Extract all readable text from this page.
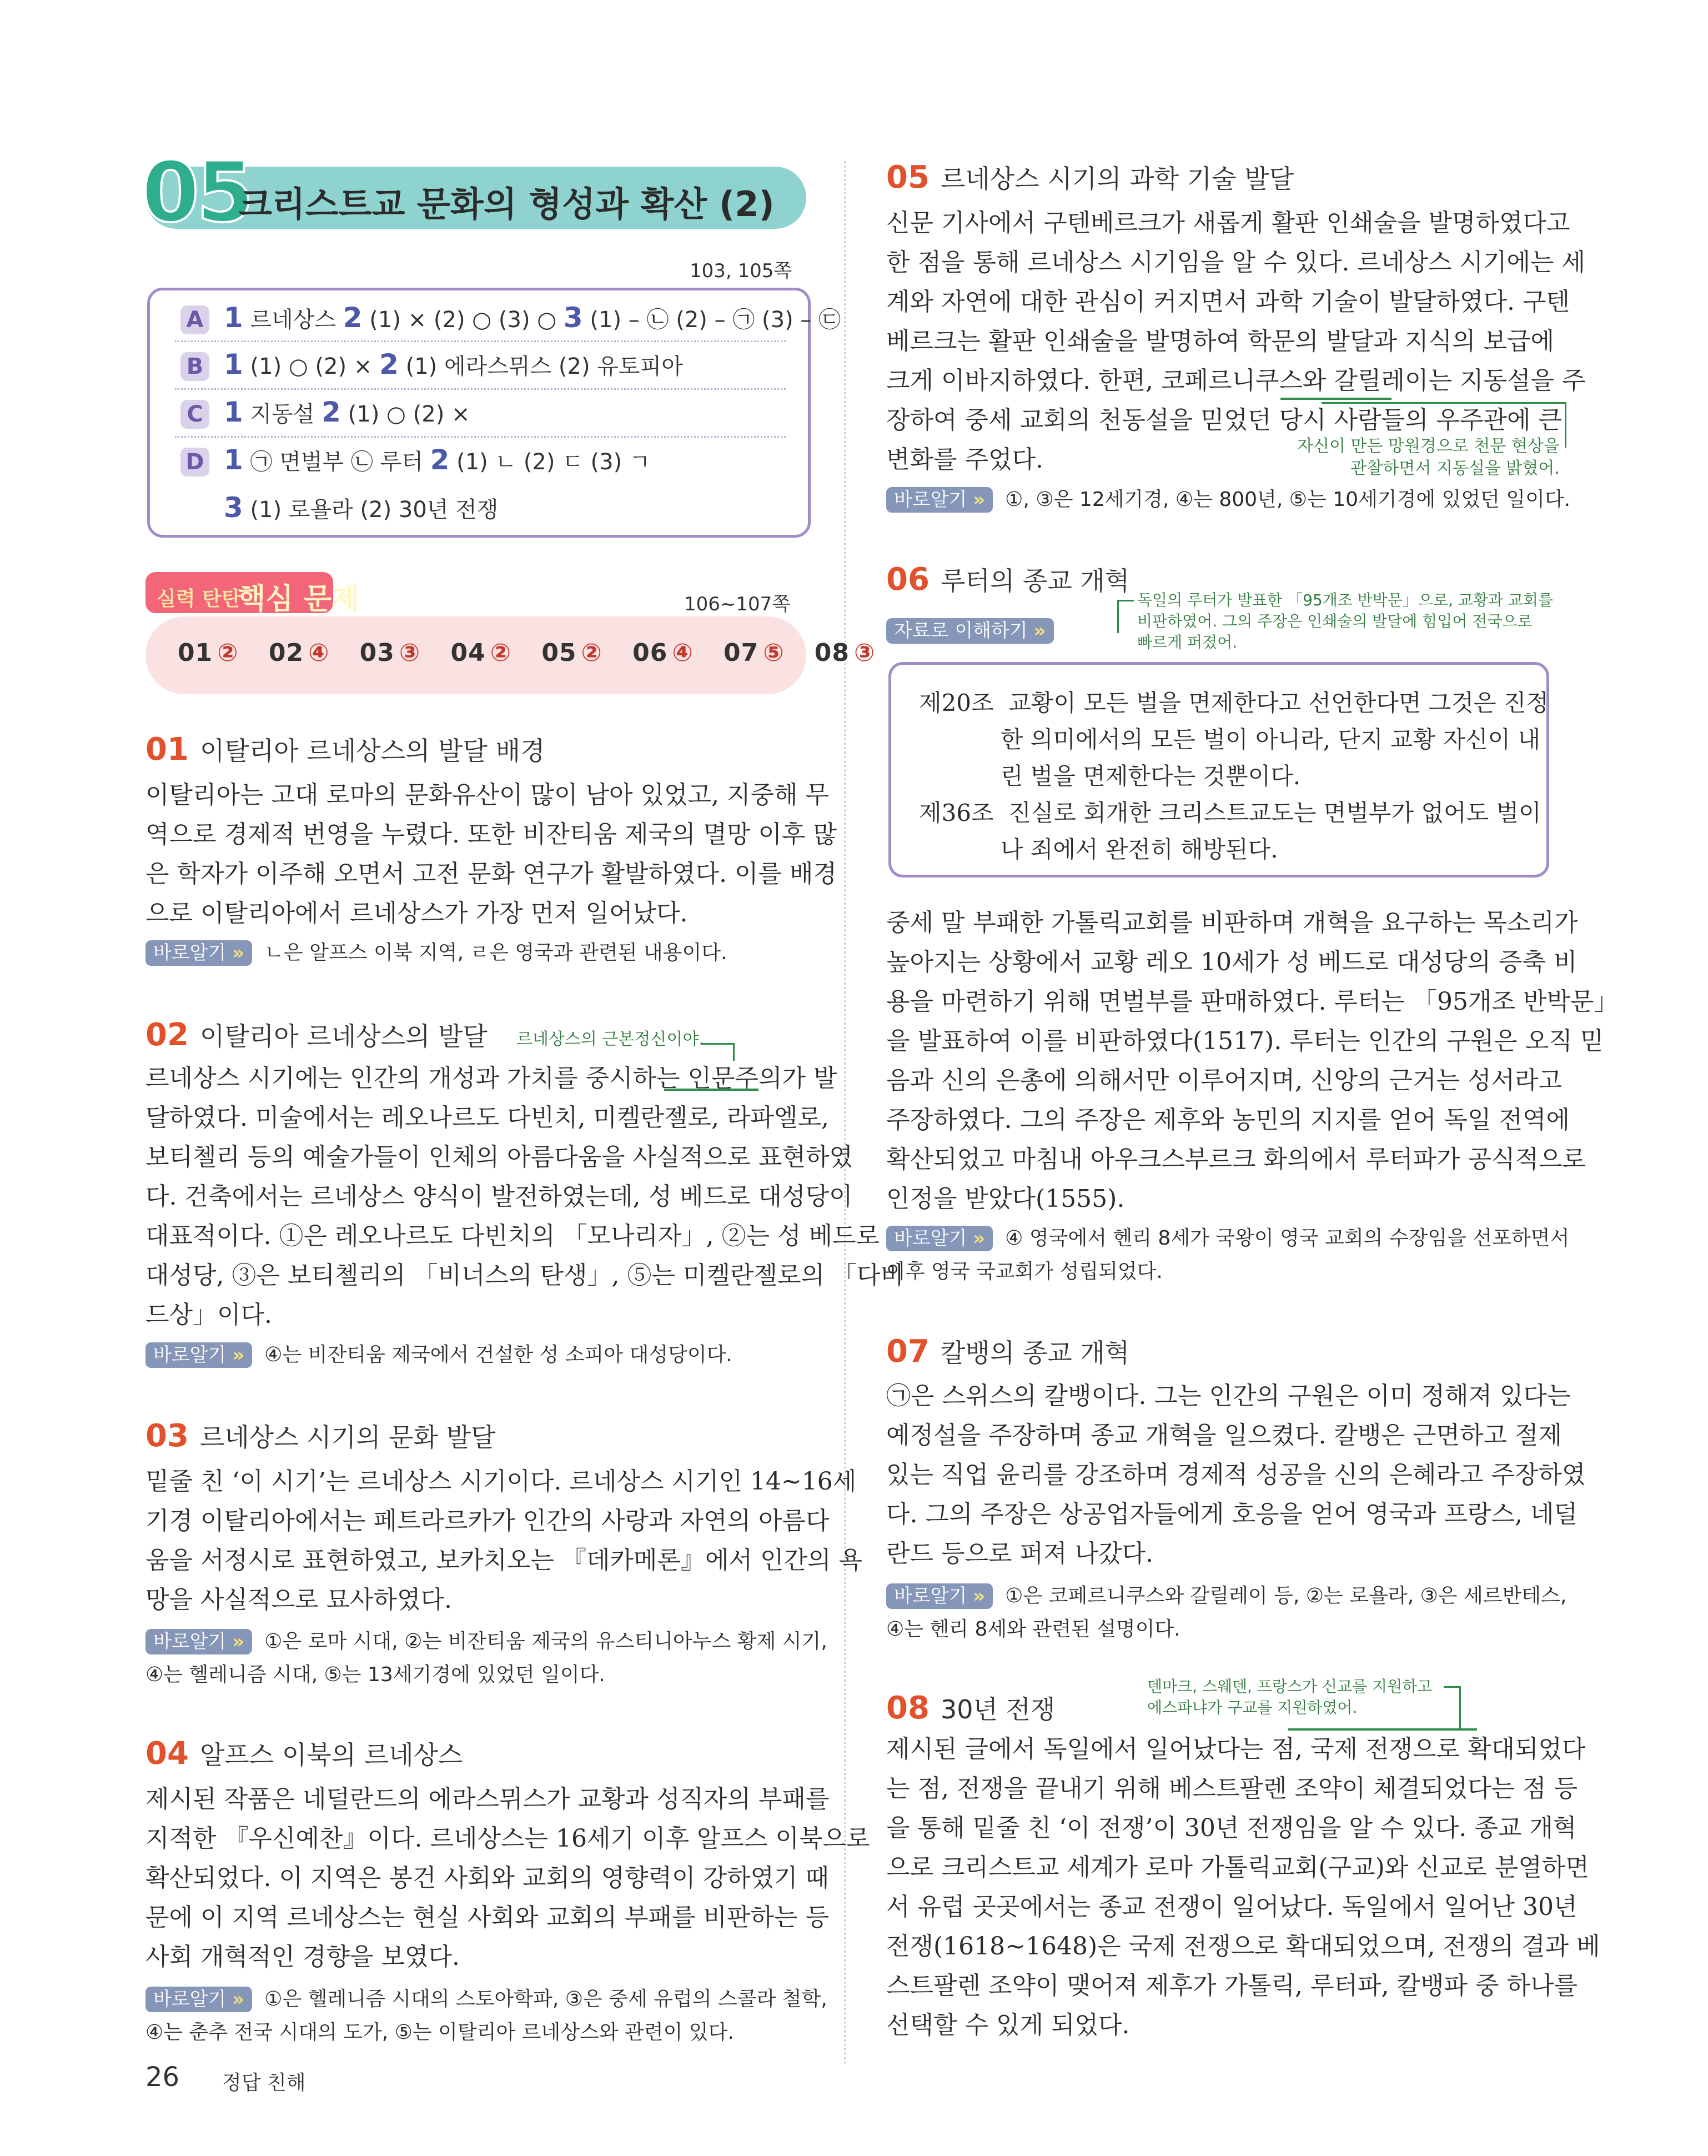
05
크리스트교 문화의 형성과 확산 (2)
103, 105쪽
A 1 르네상스 2 (1) × (2) ○ (3) ○ 3 (1) – ㉡ (2) – ㉠ (3) – ㉢
B 1 (1) ○ (2) × 2 (1) 에라스뮈스 (2) 유토피아
C 1 지동설 2 (1) ○ (2) ×
D 1 ㉠ 면벌부 ㉡ 루터 2 (1) ㄴ (2) ㄷ (3) ㄱ
3 (1) 로욜라 (2) 30년 전쟁
실력 탄탄
핵심 문제	106~107쪽
01 ② 02 ④ 03 ③ 04 ② 05 ② 06 ④ 07 ⑤ 08 ③
01 이탈리아 르네상스의 발달 배경

이탈리아는 고대 로마의 문화유산이 많이 남아 있었고, 지중해 무

역으로 경제적 번영을 누렸다. 또한 비잔티움 제국의 멸망 이후 많

은 학자가 이주해 오면서 고전 문화 연구가 활발하였다. 이를 배경

으로 이탈리아에서 르네상스가 가장 먼저 일어났다.

바로알기 » ㄴ은 알프스 이북 지역, ㄹ은 영국과 관련된 내용이다.
02 이탈리아 르네상스의 발달 르네상스의 근본정신이야.

르네상스 시기에는 인간의 개성과 가치를 중시하는 인문주의가 발

달하였다. 미술에서는 레오나르도 다빈치, 미켈란젤로, 라파엘로,

보티첼리 등의 예술가들이 인체의 아름다움을 사실적으로 표현하였

다. 건축에서는 르네상스 양식이 발전하였는데, 성 베드로 대성당이

대표적이다. ①은 레오나르도 다빈치의 「모나리자」, ②는 성 베드로

대성당, ③은 보티첼리의 「비너스의 탄생」, ⑤는 미켈란젤로의 「다비

드상」이다.

바로알기 » ④는 비잔티움 제국에서 건설한 성 소피아 대성당이다.
03 르네상스 시기의 문화 발달

밑줄 친 ‘이 시기’는 르네상스 시기이다. 르네상스 시기인 14~16세

기경 이탈리아에서는 페트라르카가 인간의 사랑과 자연의 아름다

움을 서정시로 표현하였고, 보카치오는 『데카메론』에서 인간의 욕

망을 사실적으로 묘사하였다.

바로알기 » ①은 로마 시대, ②는 비잔티움 제국의 유스티니아누스 황제 시기,
④는 헬레니즘 시대, ⑤는 13세기경에 있었던 일이다.
04 알프스 이북의 르네상스

제시된 작품은 네덜란드의 에라스뮈스가 교황과 성직자의 부패를

지적한 『우신예찬』이다. 르네상스는 16세기 이후 알프스 이북으로

확산되었다. 이 지역은 봉건 사회와 교회의 영향력이 강하였기 때

문에 이 지역 르네상스는 현실 사회와 교회의 부패를 비판하는 등

사회 개혁적인 경향을 보였다.

바로알기 » ①은 헬레니즘 시대의 스토아학파, ③은 중세 유럽의 스콜라 철학,
④는 춘추 전국 시대의 도가, ⑤는 이탈리아 르네상스와 관련이 있다.
05 르네상스 시기의 과학 기술 발달

신문 기사에서 구텐베르크가 새롭게 활판 인쇄술을 발명하였다고

한 점을 통해 르네상스 시기임을 알 수 있다. 르네상스 시기에는 세

계와 자연에 대한 관심이 커지면서 과학 기술이 발달하였다. 구텐

베르크는 활판 인쇄술을 발명하여 학문의 발달과 지식의 보급에

크게 이바지하였다. 한편, 코페르니쿠스와 갈릴레이는 지동설을 주

장하여 중세 교회의 천동설을 믿었던 당시 사람들의 우주관에 큰

변화를 주었다.	자신이 만든 망원경으로 천문 현상을
관찰하면서 지동설을 밝혔어.
바로알기 » ①, ③은 12세기경, ④는 800년, ⑤는 10세기경에 있었던 일이다.
06 루터의 종교 개혁
자료로 이해하기 »
독일의 루터가 발표한 「95개조 반박문」으로, 교황과 교회를
비판하였어. 그의 주장은 인쇄술의 발달에 힘입어 전국으로
빠르게 퍼졌어.

제20조  교황이 모든 벌을 면제한다고 선언한다면 그것은 진정

한 의미에서의 모든 벌이 아니라, 단지 교황 자신이 내

린 벌을 면제한다는 것뿐이다.

제36조  진실로 회개한 크리스트교도는 면벌부가 없어도 벌이

나 죄에서 완전히 해방된다.

중세 말 부패한 가톨릭교회를 비판하며 개혁을 요구하는 목소리가

높아지는 상황에서 교황 레오 10세가 성 베드로 대성당의 증축 비

용을 마련하기 위해 면벌부를 판매하였다. 루터는 「95개조 반박문」

을 발표하여 이를 비판하였다(1517). 루터는 인간의 구원은 오직 믿

음과 신의 은총에 의해서만 이루어지며, 신앙의 근거는 성서라고

주장하였다. 그의 주장은 제후와 농민의 지지를 얻어 독일 전역에

확산되었고 마침내 아우크스부르크 화의에서 루터파가 공식적으로

인정을 받았다(1555).

바로알기 » ④ 영국에서 헨리 8세가 국왕이 영국 교회의 수장임을 선포하면서
이후 영국 국교회가 성립되었다.
07 칼뱅의 종교 개혁

㉠은 스위스의 칼뱅이다. 그는 인간의 구원은 이미 정해져 있다는

예정설을 주장하며 종교 개혁을 일으켰다. 칼뱅은 근면하고 절제

있는 직업 윤리를 강조하며 경제적 성공을 신의 은혜라고 주장하였

다. 그의 주장은 상공업자들에게 호응을 얻어 영국과 프랑스, 네덜

란드 등으로 퍼져 나갔다.

바로알기 » ①은 코페르니쿠스와 갈릴레이 등, ②는 로욜라, ③은 세르반테스,
④는 헨리 8세와 관련된 설명이다.
08 30년 전쟁
덴마크, 스웨덴, 프랑스가 신교를 지원하고
에스파냐가 구교를 지원하였어.

제시된 글에서 독일에서 일어났다는 점, 국제 전쟁으로 확대되었다

는 점, 전쟁을 끝내기 위해 베스트팔렌 조약이 체결되었다는 점 등

을 통해 밑줄 친 ‘이 전쟁’이 30년 전쟁임을 알 수 있다. 종교 개혁

으로 크리스트교 세계가 로마 가톨릭교회(구교)와 신교로 분열하면

서 유럽 곳곳에서는 종교 전쟁이 일어났다. 독일에서 일어난 30년

전쟁(1618~1648)은 국제 전쟁으로 확대되었으며, 전쟁의 결과 베

스트팔렌 조약이 맺어져 제후가 가톨릭, 루터파, 칼뱅파 중 하나를

선택할 수 있게 되었다.

26 정답 친해
